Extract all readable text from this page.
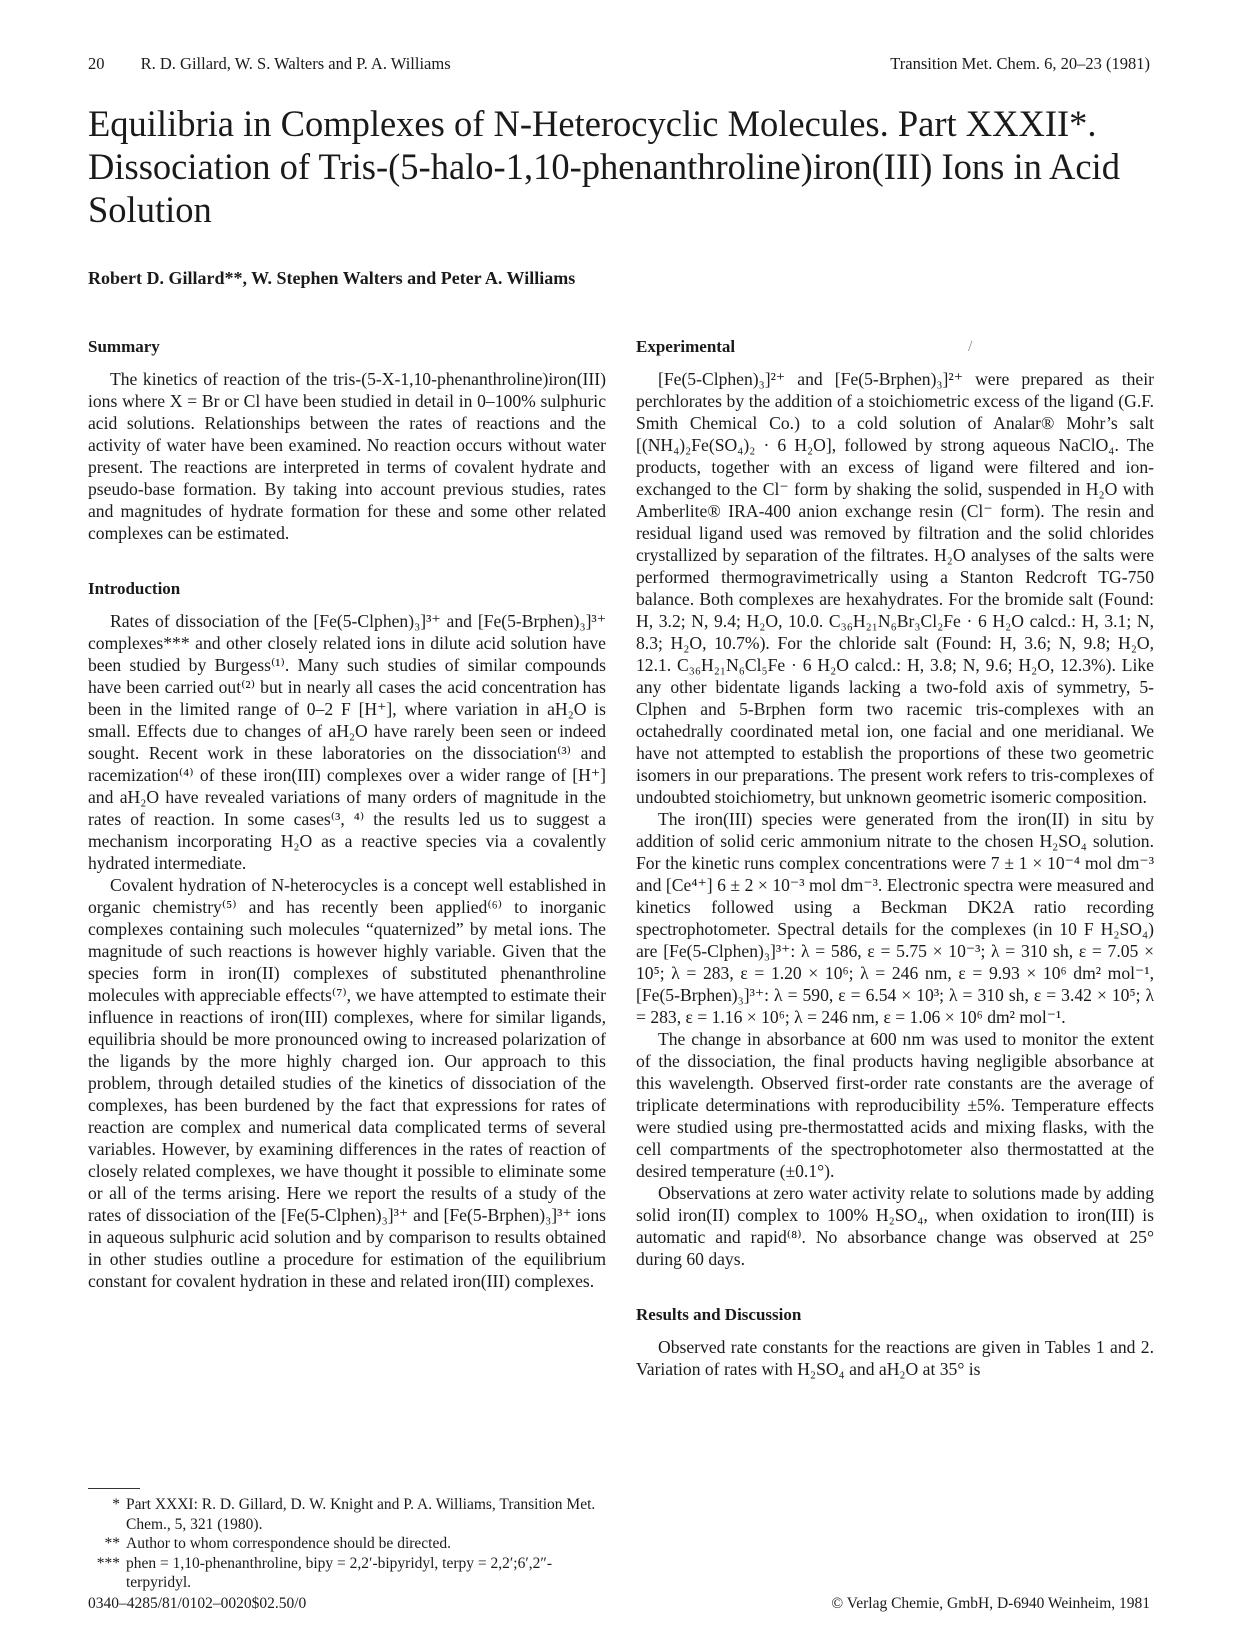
20 R. D. Gillard, W. S. Walters and P. A. Williams	Transition Met. Chem. 6, 20–23 (1981)
Equilibria in Complexes of N-Heterocyclic Molecules. Part XXXII*. Dissociation of Tris-(5-halo-1,10-phenanthroline)iron(III) Ions in Acid Solution
Robert D. Gillard**, W. Stephen Walters and Peter A. Williams
/
Summary

The kinetics of reaction of the tris-(5-X-1,10-phenanthroline)iron(III) ions where X = Br or Cl have been studied in detail in 0–100% sulphuric acid solutions. Relationships between the rates of reactions and the activity of water have been examined. No reaction occurs without water present. The reactions are interpreted in terms of covalent hydrate and pseudo-base formation. By taking into account previous studies, rates and magnitudes of hydrate formation for these and some other related complexes can be estimated.

Introduction

Rates of dissociation of the [Fe(5-Clphen)₃]³⁺ and [Fe(5-Brphen)₃]³⁺ complexes*** and other closely related ions in dilute acid solution have been studied by Burgess⁽¹⁾. Many such studies of similar compounds have been carried out⁽²⁾ but in nearly all cases the acid concentration has been in the limited range of 0–2 F [H⁺], where variation in aH₂O is small. Effects due to changes of aH₂O have rarely been seen or indeed sought. Recent work in these laboratories on the dissociation⁽³⁾ and racemization⁽⁴⁾ of these iron(III) complexes over a wider range of [H⁺] and aH₂O have revealed variations of many orders of magnitude in the rates of reaction. In some cases⁽³, ⁴⁾ the results led us to suggest a mechanism incorporating H₂O as a reactive species via a covalently hydrated intermediate.

Covalent hydration of N-heterocycles is a concept well established in organic chemistry⁽⁵⁾ and has recently been applied⁽⁶⁾ to inorganic complexes containing such molecules “quaternized” by metal ions. The magnitude of such reactions is however highly variable. Given that the species form in iron(II) complexes of substituted phenanthroline molecules with appreciable effects⁽⁷⁾, we have attempted to estimate their influence in reactions of iron(III) complexes, where for similar ligands, equilibria should be more pronounced owing to increased polarization of the ligands by the more highly charged ion. Our approach to this problem, through detailed studies of the kinetics of dissociation of the complexes, has been burdened by the fact that expressions for rates of reaction are complex and numerical data complicated terms of several variables. However, by examining differences in the rates of reaction of closely related complexes, we have thought it possible to eliminate some or all of the terms arising. Here we report the results of a study of the rates of dissociation of the [Fe(5-Clphen)₃]³⁺ and [Fe(5-Brphen)₃]³⁺ ions in aqueous sulphuric acid solution and by comparison to results obtained in other studies outline a procedure for estimation of the equilibrium constant for covalent hydration in these and related iron(III) complexes.

Experimental

[Fe(5-Clphen)₃]²⁺ and [Fe(5-Brphen)₃]²⁺ were prepared as their perchlorates by the addition of a stoichiometric excess of the ligand (G.F. Smith Chemical Co.) to a cold solution of Analar® Mohr’s salt [(NH₄)₂Fe(SO₄)₂ · 6 H₂O], followed by strong aqueous NaClO₄. The products, together with an excess of ligand were filtered and ion-exchanged to the Cl⁻ form by shaking the solid, suspended in H₂O with Amberlite® IRA-400 anion exchange resin (Cl⁻ form). The resin and residual ligand used was removed by filtration and the solid chlorides crystallized by separation of the filtrates. H₂O analyses of the salts were performed thermogravimetrically using a Stanton Redcroft TG-750 balance. Both complexes are hexahydrates. For the bromide salt (Found: H, 3.2; N, 9.4; H₂O, 10.0. C₃₆H₂₁N₆Br₃Cl₂Fe · 6 H₂O calcd.: H, 3.1; N, 8.3; H₂O, 10.7%). For the chloride salt (Found: H, 3.6; N, 9.8; H₂O, 12.1. C₃₆H₂₁N₆Cl₅Fe · 6 H₂O calcd.: H, 3.8; N, 9.6; H₂O, 12.3%). Like any other bidentate ligands lacking a two-fold axis of symmetry, 5-Clphen and 5-Brphen form two racemic tris-complexes with an octahedrally coordinated metal ion, one facial and one meridianal. We have not attempted to establish the proportions of these two geometric isomers in our preparations. The present work refers to tris-complexes of undoubted stoichiometry, but unknown geometric isomeric composition.

The iron(III) species were generated from the iron(II) in situ by addition of solid ceric ammonium nitrate to the chosen H₂SO₄ solution. For the kinetic runs complex concentrations were 7 ± 1 × 10⁻⁴ mol dm⁻³ and [Ce⁴⁺] 6 ± 2 × 10⁻³ mol dm⁻³. Electronic spectra were measured and kinetics followed using a Beckman DK2A ratio recording spectrophotometer. Spectral details for the complexes (in 10 F H₂SO₄) are [Fe(5-Clphen)₃]³⁺: λ = 586, ε = 5.75 × 10⁻³; λ = 310 sh, ε = 7.05 × 10⁵; λ = 283, ε = 1.20 × 10⁶; λ = 246 nm, ε = 9.93 × 10⁶ dm² mol⁻¹, [Fe(5-Brphen)₃]³⁺: λ = 590, ε = 6.54 × 10³; λ = 310 sh, ε = 3.42 × 10⁵; λ = 283, ε = 1.16 × 10⁶; λ = 246 nm, ε = 1.06 × 10⁶ dm² mol⁻¹.

The change in absorbance at 600 nm was used to monitor the extent of the dissociation, the final products having negligible absorbance at this wavelength. Observed first-order rate constants are the average of triplicate determinations with reproducibility ±5%. Temperature effects were studied using pre-thermostatted acids and mixing flasks, with the cell compartments of the spectrophotometer also thermostatted at the desired temperature (±0.1°).

Observations at zero water activity relate to solutions made by adding solid iron(II) complex to 100% H₂SO₄, when oxidation to iron(III) is automatic and rapid⁽⁸⁾. No absorbance change was observed at 25° during 60 days.

Results and Discussion

Observed rate constants for the reactions are given in Tables 1 and 2. Variation of rates with H₂SO₄ and aH₂O at 35° is

* Part XXXI: R. D. Gillard, D. W. Knight and P. A. Williams, Transition Met. Chem., 5, 321 (1980).
** Author to whom correspondence should be directed.
*** phen = 1,10-phenanthroline, bipy = 2,2′-bipyridyl, terpy = 2,2′;6′,2″-terpyridyl.
0340–4285/81/0102–0020$02.50/0	© Verlag Chemie, GmbH, D-6940 Weinheim, 1981
